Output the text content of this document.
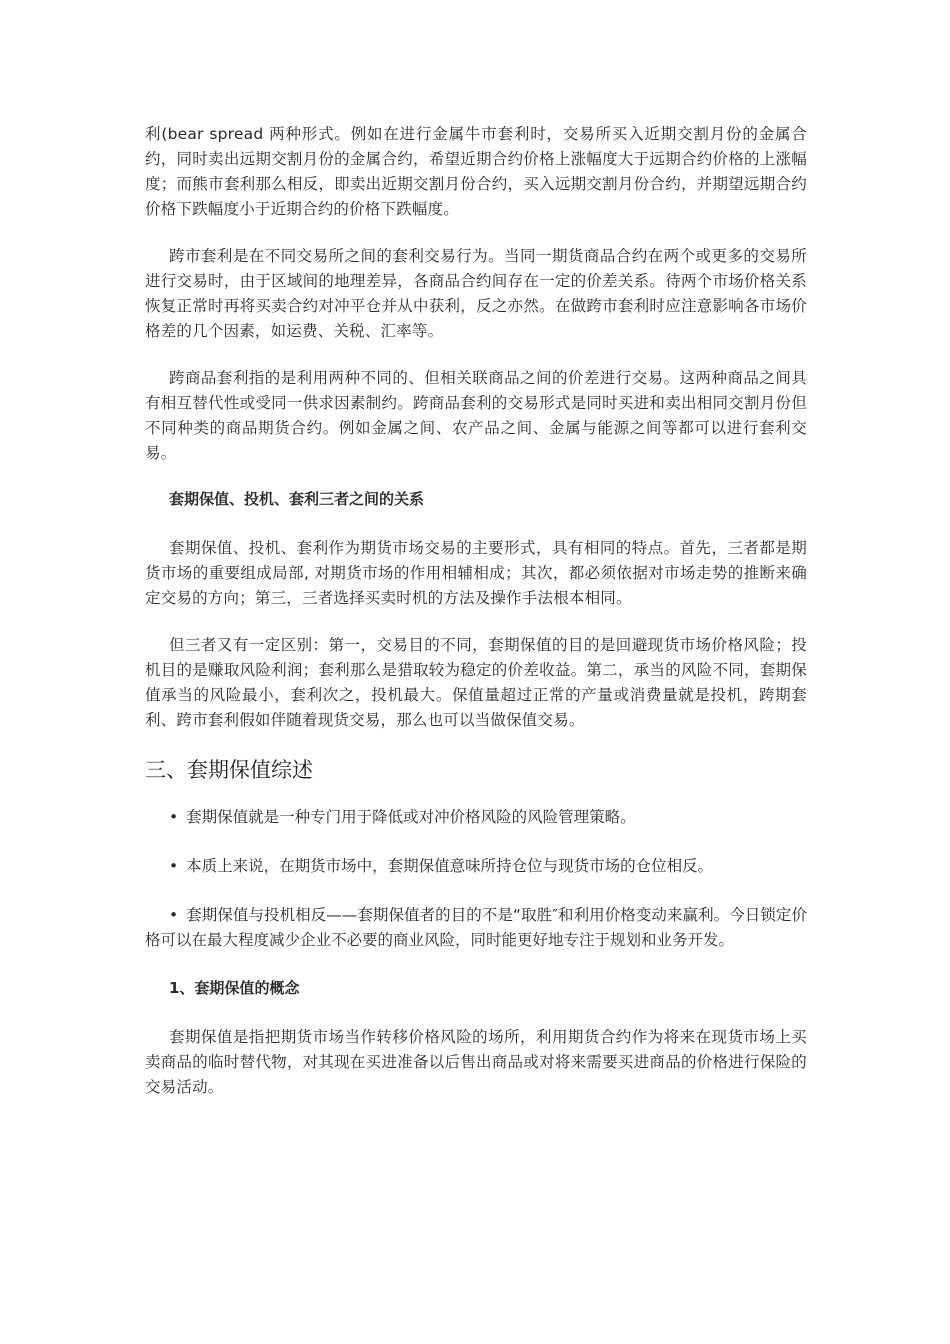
利(bear spread 两种形式。例如在进行金属牛市套利时，交易所买入近期交割月份的金属合约，同时卖出远期交割月份的金属合约，希望近期合约价格上涨幅度大于远期合约价格的上涨幅度；而熊市套利那么相反，即卖出近期交割月份合约，买入远期交割月份合约，并期望远期合约价格下跌幅度小于近期合约的价格下跌幅度。

跨市套利是在不同交易所之间的套利交易行为。当同一期货商品合约在两个或更多的交易所进行交易时，由于区域间的地理差异，各商品合约间存在一定的价差关系。待两个市场价格关系恢复正常时再将买卖合约对冲平仓并从中获利，反之亦然。在做跨市套利时应注意影响各市场价格差的几个因素，如运费、关税、汇率等。

跨商品套利指的是利用两种不同的、但相关联商品之间的价差进行交易。这两种商品之间具有相互替代性或受同一供求因素制约。跨商品套利的交易形式是同时买进和卖出相同交割月份但不同种类的商品期货合约。例如金属之间、农产品之间、金属与能源之间等都可以进行套利交易。

套期保值、投机、套利三者之间的关系

套期保值、投机、套利作为期货市场交易的主要形式，具有相同的特点。首先，三者都是期货市场的重要组成局部, 对期货市场的作用相辅相成；其次，都必须依据对市场走势的推断来确定交易的方向；第三，三者选择买卖时机的方法及操作手法根本相同。

但三者又有一定区别：第一，交易目的不同，套期保值的目的是回避现货市场价格风险；投机目的是赚取风险利润；套利那么是猎取较为稳定的价差收益。第二，承当的风险不同，套期保值承当的风险最小，套利次之，投机最大。保值量超过正常的产量或消费量就是投机，跨期套利、跨市套利假如伴随着现货交易，那么也可以当做保值交易。

三、套期保值综述
• 套期保值就是一种专门用于降低或对冲价格风险的风险管理策略。
• 本质上来说，在期货市场中，套期保值意味所持仓位与现货市场的仓位相反。
• 套期保值与投机相反——套期保值者的目的不是“取胜″和利用价格变动来赢利。今日锁定价格可以在最大程度减少企业不必要的商业风险，同时能更好地专注于规划和业务开发。
1、套期保值的概念

套期保值是指把期货市场当作转移价格风险的场所，利用期货合约作为将来在现货市场上买卖商品的临时替代物，对其现在买进准备以后售出商品或对将来需要买进商品的价格进行保险的交易活动。
